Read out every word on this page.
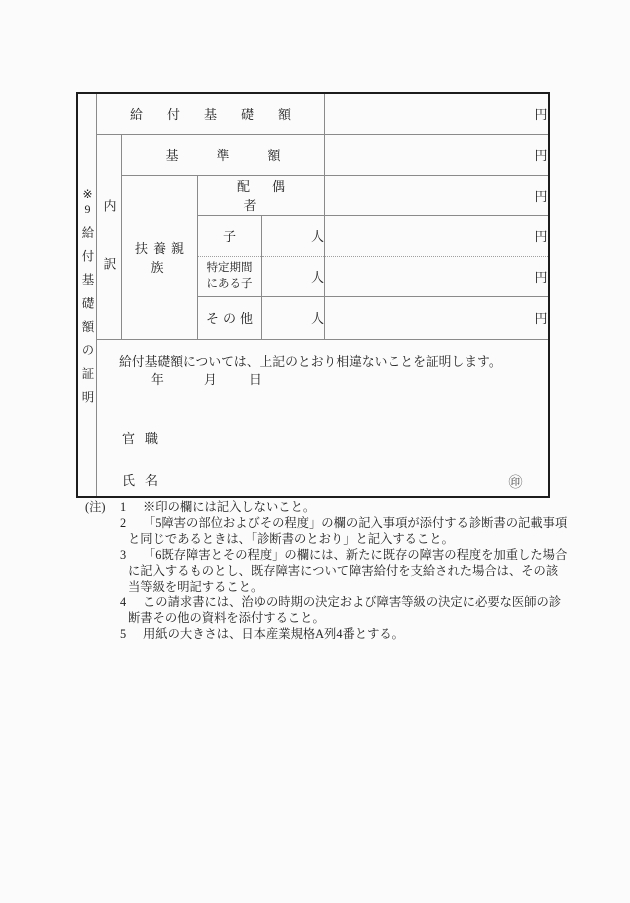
※9
給付基礎額の証明	給付基礎額				円
	内訳	基準額			円
		扶養親族	配偶者		円
			子	人	円

			特定期間
にある子	人	円
			その他	人	円

給付基礎額については、上記のとおり相違ないことを証明します。
年	月	日
官職
氏名	㊞
(注)	1	※印の欄には記入しないこと。
2	「5障害の部位およびその程度」の欄の記入事項が添付する診断書の記載事項
と同じであるときは、「診断書のとおり」と記入すること。
3	「6既存障害とその程度」の欄には、新たに既存の障害の程度を加重した場合
に記入するものとし、既存障害について障害給付を支給された場合は、その該
当等級を明記すること。
4	この請求書には、治ゆの時期の決定および障害等級の決定に必要な医師の診
断書その他の資料を添付すること。
5	用紙の大きさは、日本産業規格A列4番とする。
